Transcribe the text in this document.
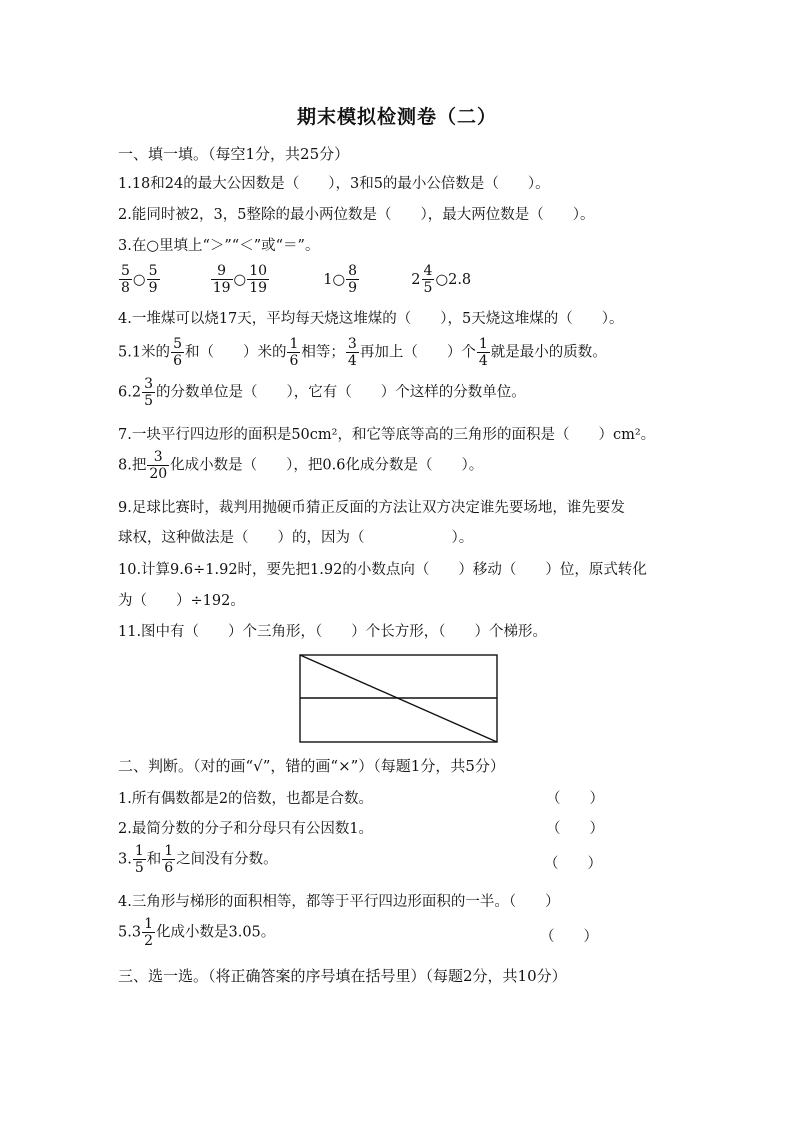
期末模拟检测卷（二）
一、填一填。（每空1分，共25分）
1.18和24的最大公因数是（　　），3和5的最小公倍数是（　　）。
2.能同时被2，3，5整除的最小两位数是（　　），最大两位数是（　　）。
3.在○里填上“＞”“＜”或“＝”。
$\frac{5}{8}$ ○ $\frac{5}{9}$
	$\frac{9}{19}$ ○ $\frac{10}{19}$	1○ $\frac{8}{9}$	$2 \frac{4}{5}$ ○2.8
4.一堆煤可以烧17天，平均每天烧这堆煤的（　　），5天烧这堆煤的（　　）。
5.1米的 $\frac{5}{6}$ 和（　　）米的 $\frac{1}{6}$ 相等； $\frac{3}{4}$ 再加上（　　）个 $\frac{1}{4}$ 就是最小的质数。
$6.2 \frac{3}{5}$ 的分数单位是（　　），它有（　　）个这样的分数单位。
7.一块平行四边形的面积是50cm²，和它等底等高的三角形的面积是（　　）cm²。
8.把 $\frac{3}{20}$ 化成小数是（　　），把0.6化成分数是（　　）。
9.足球比赛时，裁判用抛硬币猜正反面的方法让双方决定谁先要场地，谁先要发
球权，这种做法是（　　）的，因为（　　　　　　）。
10.计算9.6÷1.92时，要先把1.92的小数点向（　　）移动（　　）位，原式转化
为（　　）÷192。
11.图中有（　　）个三角形，（　　）个长方形，（　　）个梯形。
二、判断。（对的画“√”，错的画“×”）（每题1分，共5分）
1.所有偶数都是2的倍数，也都是合数。	（　　）
2.最简分数的分子和分母只有公因数1。	（　　）
3. $\frac{1}{5}$ 和 $\frac{1}{6}$ 之间没有分数。	（　　）
4.三角形与梯形的面积相等，都等于平行四边形面积的一半。（　　）
$5.3 \frac{1}{2}$ 化成小数是3.05。	（　　）
三、选一选。（将正确答案的序号填在括号里）（每题2分，共10分）
